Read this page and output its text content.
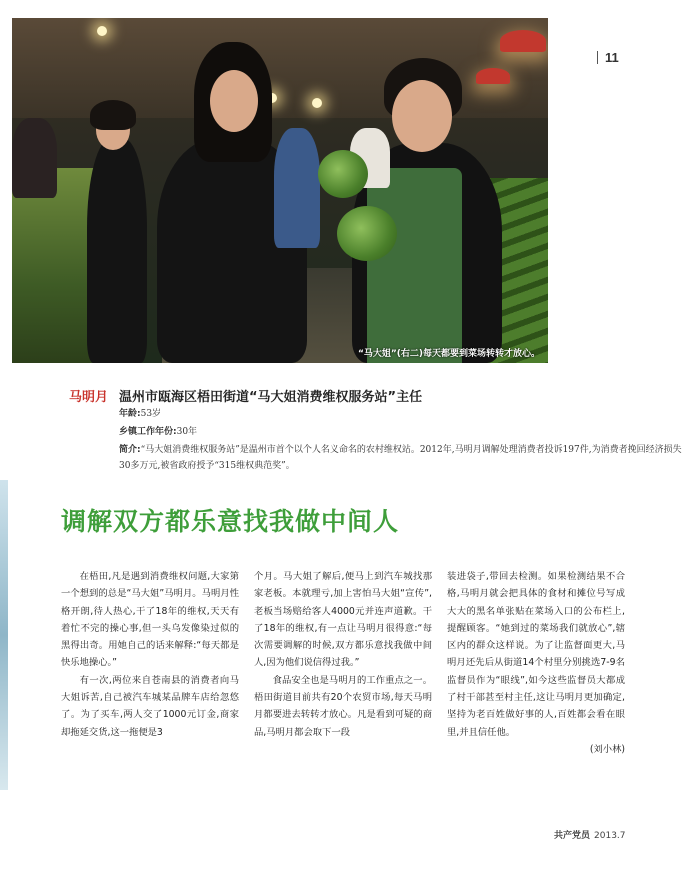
11
“马大姐”(右二)每天都要到菜场转转才放心。
马明月 温州市瓯海区梧田街道“马大姐消费维权服务站”主任
年龄:53岁
乡镇工作年份:30年
简介:“马大姐消费维权服务站”是温州市首个以个人名义命名的农村维权站。2012年,马明月调解处理消费者投诉197件,为消费者挽回经济损失30多万元,被省政府授予“315维权典范奖”。
调解双方都乐意找我做中间人

在梧田,凡是遇到消费维权问题,大家第一个想到的总是“马大姐”马明月。马明月性格开朗,待人热心,干了18年的维权,天天有着忙不完的操心事,但一头乌发像染过似的黑得出奇。用她自己的话来解释:“每天都是快乐地操心。”

有一次,两位来自苍南县的消费者向马大姐诉苦,自己被汽车城某品牌车店给忽悠了。为了买车,两人交了1000元订金,商家却拖延交货,这一拖便是3

个月。马大姐了解后,便马上到汽车城找那家老板。本就理亏,加上害怕马大姐“宣传”,老板当场赔给客人4000元并连声道歉。干了18年的维权,有一点让马明月很得意:“每次需要调解的时候,双方都乐意找我做中间人,因为他们说信得过我。”

食品安全也是马明月的工作重点之一。梧田街道目前共有20个农贸市场,每天马明月都要进去转转才放心。凡是看到可疑的商品,马明月都会取下一段

装进袋子,带回去检测。如果检测结果不合格,马明月就会把具体的食材和摊位号写成大大的黑名单张贴在菜场入口的公布栏上,提醒顾客。“她到过的菜场我们就放心”,辖区内的群众这样说。为了让监督面更大,马明月还先后从街道14个村里分别挑选7-9名监督员作为“眼线”,如今这些监督员大都成了村干部甚至村主任,这让马明月更加确定,坚持为老百姓做好事的人,百姓都会看在眼里,并且信任他。

(刘小林)
共产党员 2013.7
